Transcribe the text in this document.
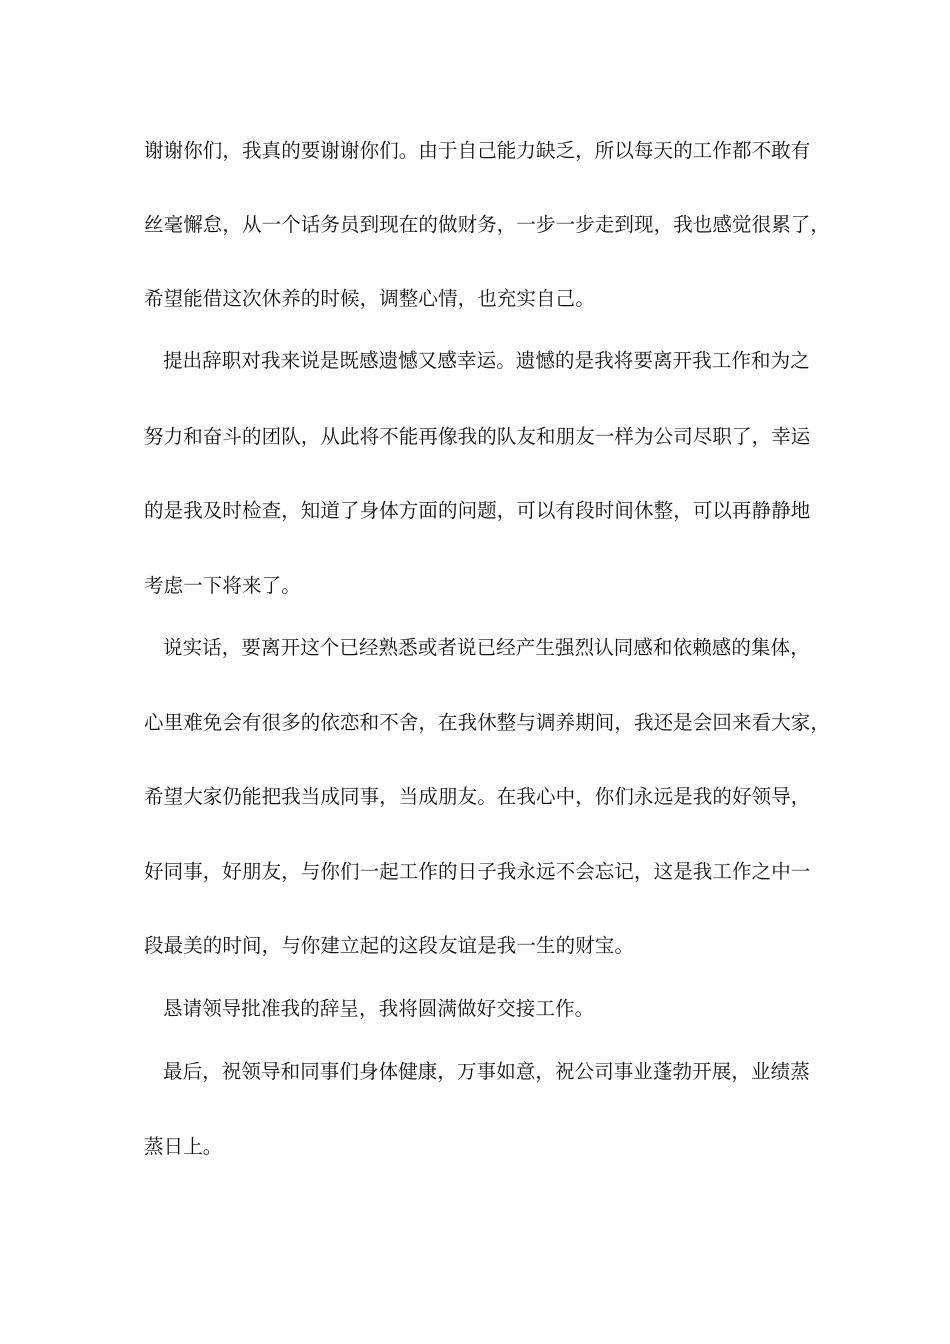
谢谢你们，我真的要谢谢你们。由于自己能力缺乏，所以每天的工作都不敢有
丝毫懈怠，从一个话务员到现在的做财务，一步一步走到现，我也感觉很累了，
希望能借这次休养的时候，调整心情，也充实自己。
提出辞职对我来说是既感遗憾又感幸运。遗憾的是我将要离开我工作和为之
努力和奋斗的团队，从此将不能再像我的队友和朋友一样为公司尽职了，幸运
的是我及时检查，知道了身体方面的问题，可以有段时间休整，可以再静静地
考虑一下将来了。
说实话，要离开这个已经熟悉或者说已经产生强烈认同感和依赖感的集体，
心里难免会有很多的依恋和不舍，在我休整与调养期间，我还是会回来看大家，
希望大家仍能把我当成同事，当成朋友。在我心中，你们永远是我的好领导，
好同事，好朋友，与你们一起工作的日子我永远不会忘记，这是我工作之中一
段最美的时间，与你建立起的这段友谊是我一生的财宝。
恳请领导批准我的辞呈，我将圆满做好交接工作。
最后，祝领导和同事们身体健康，万事如意，祝公司事业蓬勃开展，业绩蒸
蒸日上。
